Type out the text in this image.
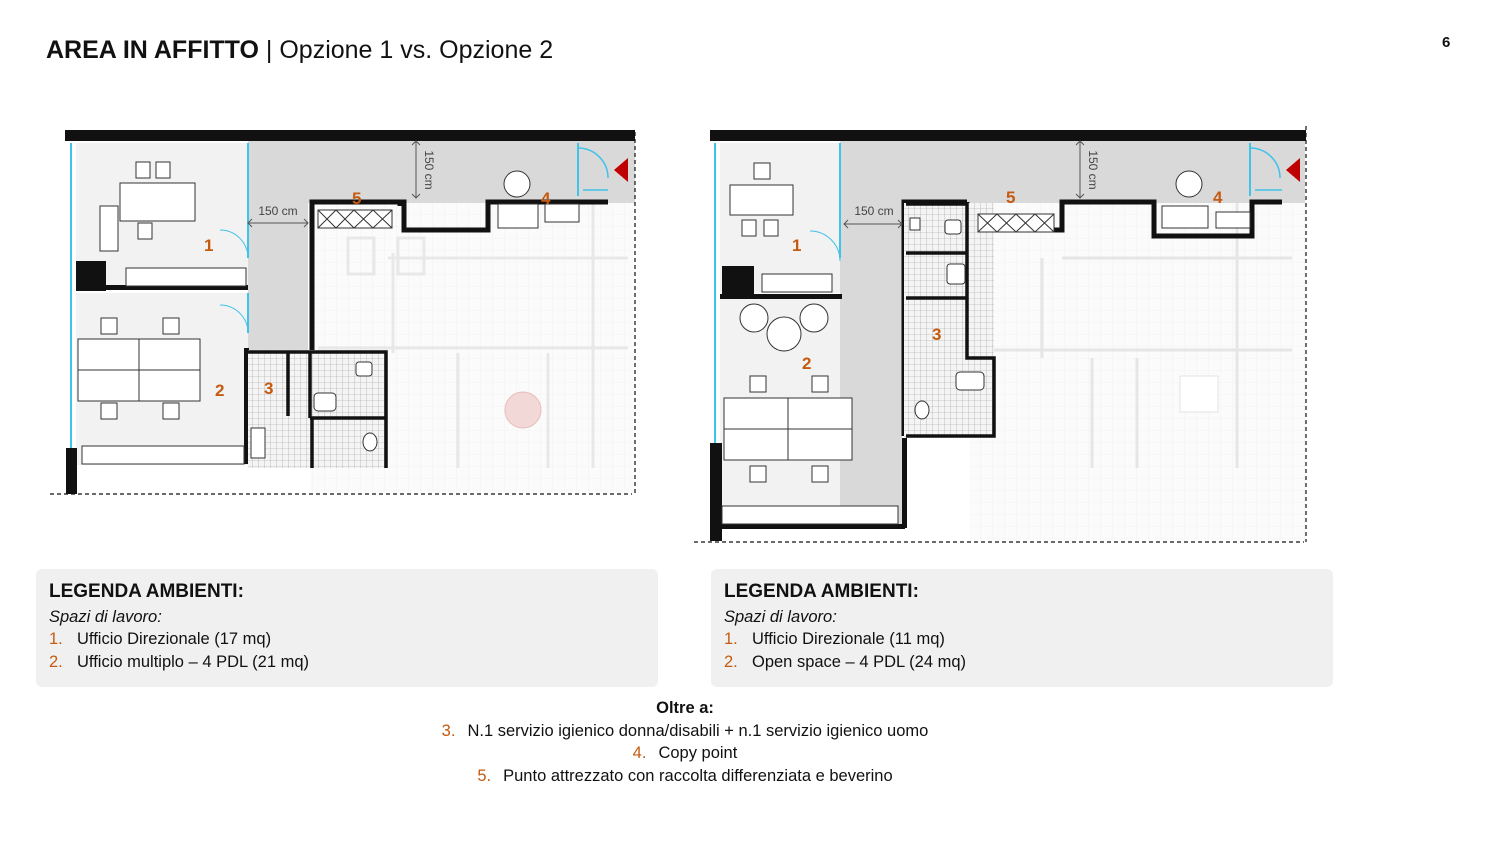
AREA IN AFFITTO | Opzione 1 vs. Opzione 2	6
150 cm
150 cm
1
2 3
4
5
150 cm
150 cm
1
2
3
4
5
LEGENDA AMBIENTI:
Spazi di lavoro:
1. Ufficio Direzionale (17 mq)
2. Ufficio multiplo – 4 PDL (21 mq)
LEGENDA AMBIENTI:
Spazi di lavoro:
1. Ufficio Direzionale (11 mq)
2. Open space – 4 PDL (24 mq)
Oltre a:
3. N.1 servizio igienico donna/disabili + n.1 servizio igienico uomo
4. Copy point
5. Punto attrezzato con raccolta differenziata e beverino
